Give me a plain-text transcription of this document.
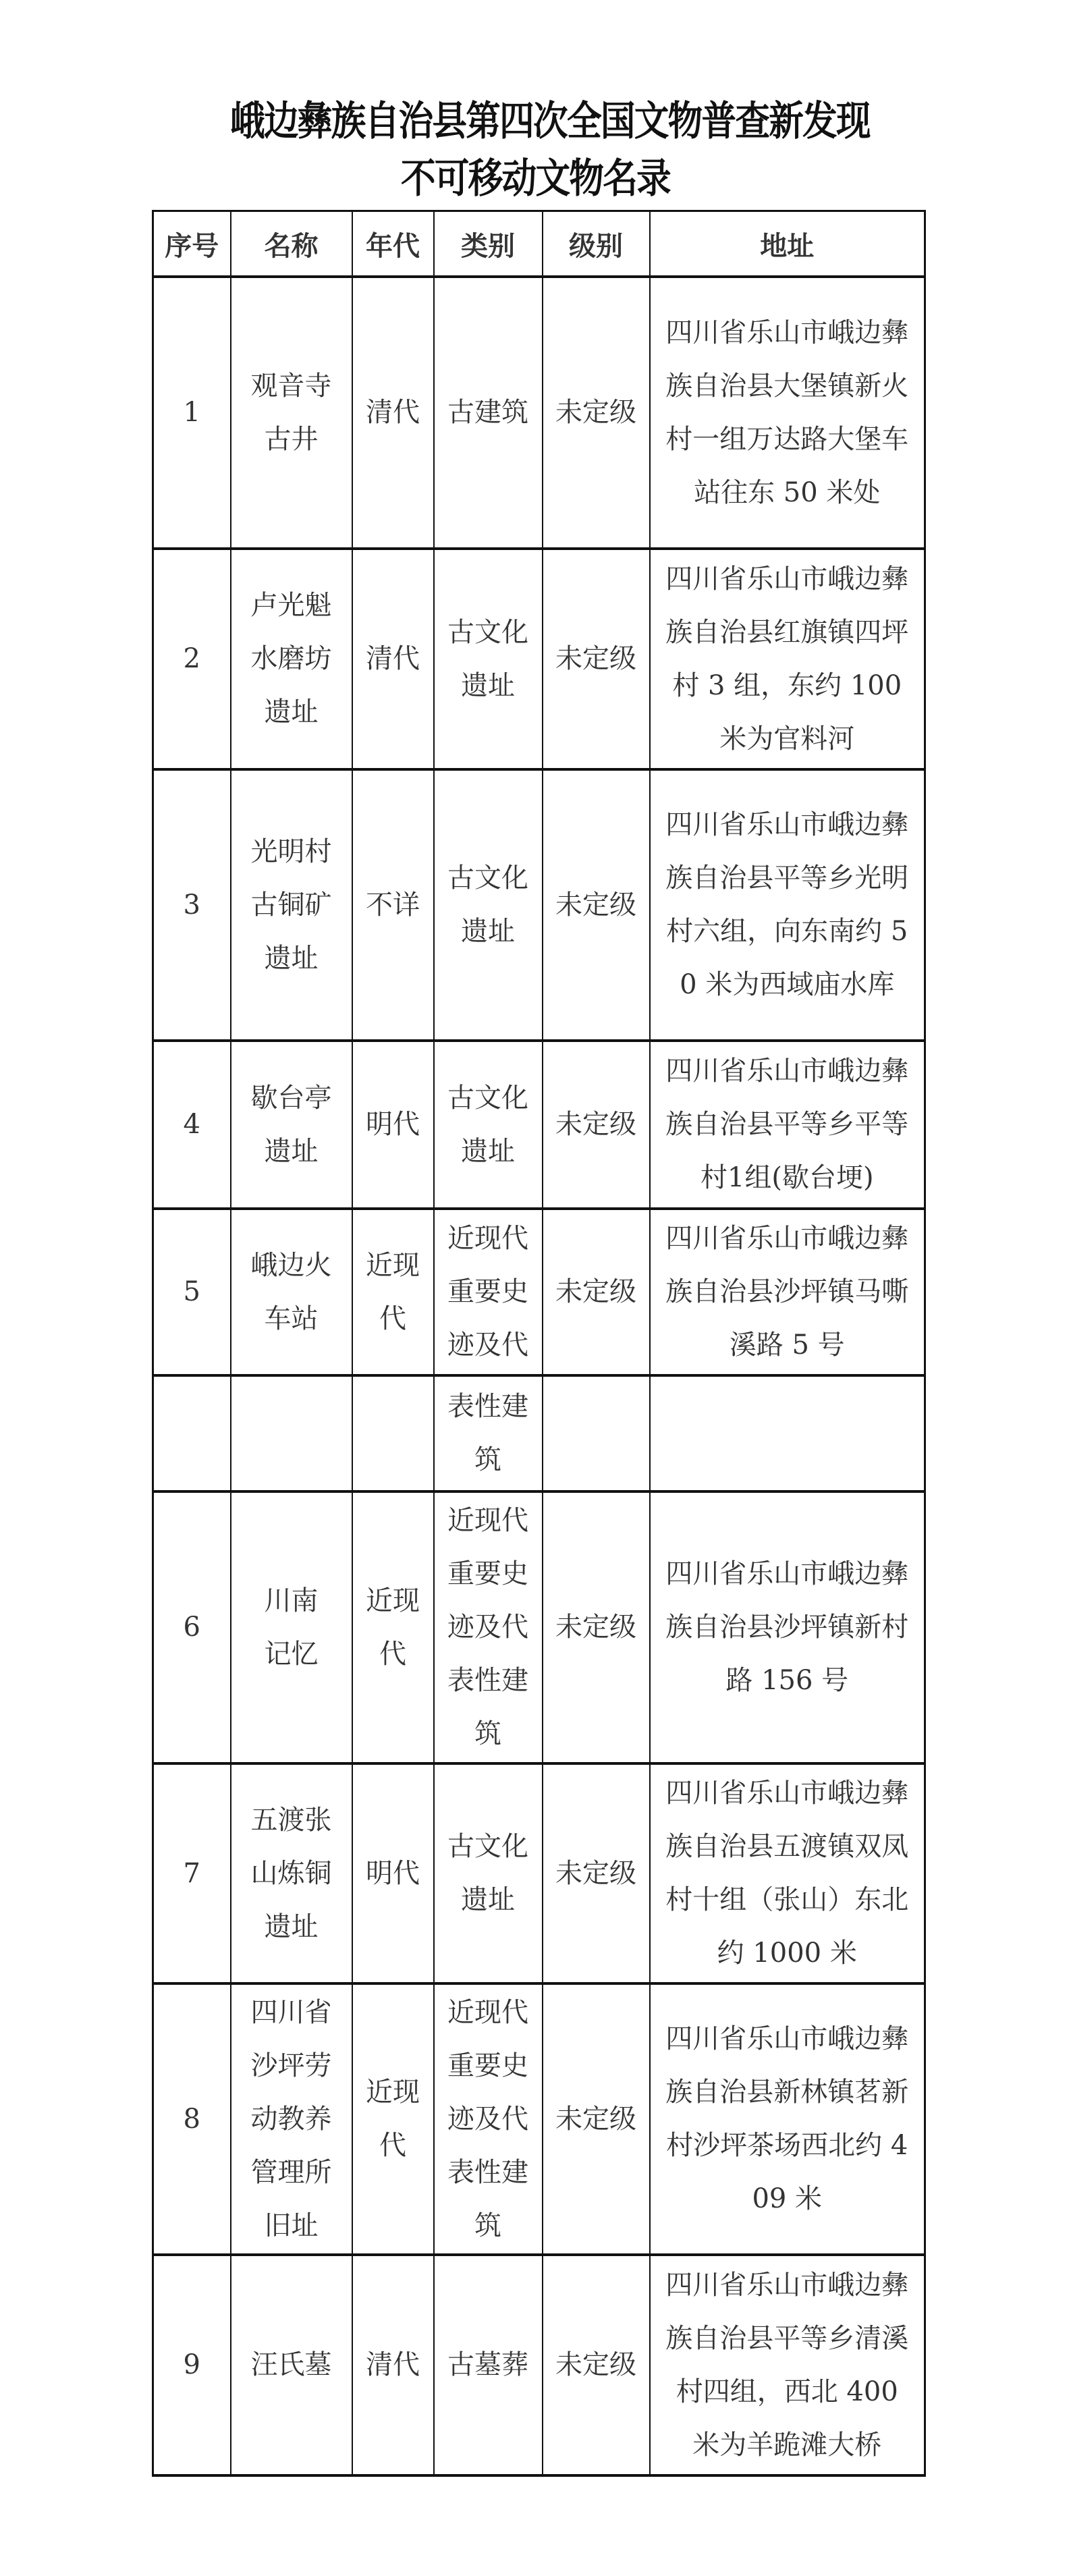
峨边彝族自治县第四次全国文物普查新发现
不可移动文物名录
序号	名称	年代	类别	级别	地址
1	观音寺古井	清代	古建筑	未定级	四川省乐山市峨边彝族自治县大堡镇新火村一组万达路大堡车站往东 50 米处
2	卢光魁水磨坊遗址	清代	古文化遗址	未定级	四川省乐山市峨边彝族自治县红旗镇四坪村 3 组，东约 100 米为官料河
3	光明村古铜矿遗址	不详	古文化遗址	未定级	四川省乐山市峨边彝族自治县平等乡光明村六组，向东南约 50 米为西域庙水库
4	歇台亭遗址	明代	古文化遗址	未定级	四川省乐山市峨边彝族自治县平等乡平等村1组(歇台埂)
5	峨边火车站	近现代	近现代重要史迹及代	未定级	四川省乐山市峨边彝族自治县沙坪镇马嘶溪路 5 号
			表性建筑		
6	川南记忆	近现代	近现代重要史迹及代表性建筑	未定级	四川省乐山市峨边彝族自治县沙坪镇新村路 156 号
7	五渡张山炼铜遗址	明代	古文化遗址	未定级	四川省乐山市峨边彝族自治县五渡镇双凤村十组（张山）东北约 1000 米
8	四川省沙坪劳动教养管理所旧址	近现代	近现代重要史迹及代表性建筑	未定级	四川省乐山市峨边彝族自治县新林镇茗新村沙坪茶场西北约 409 米
9	汪氏墓	清代	古墓葬	未定级	四川省乐山市峨边彝族自治县平等乡清溪村四组，西北 400 米为羊跪滩大桥
